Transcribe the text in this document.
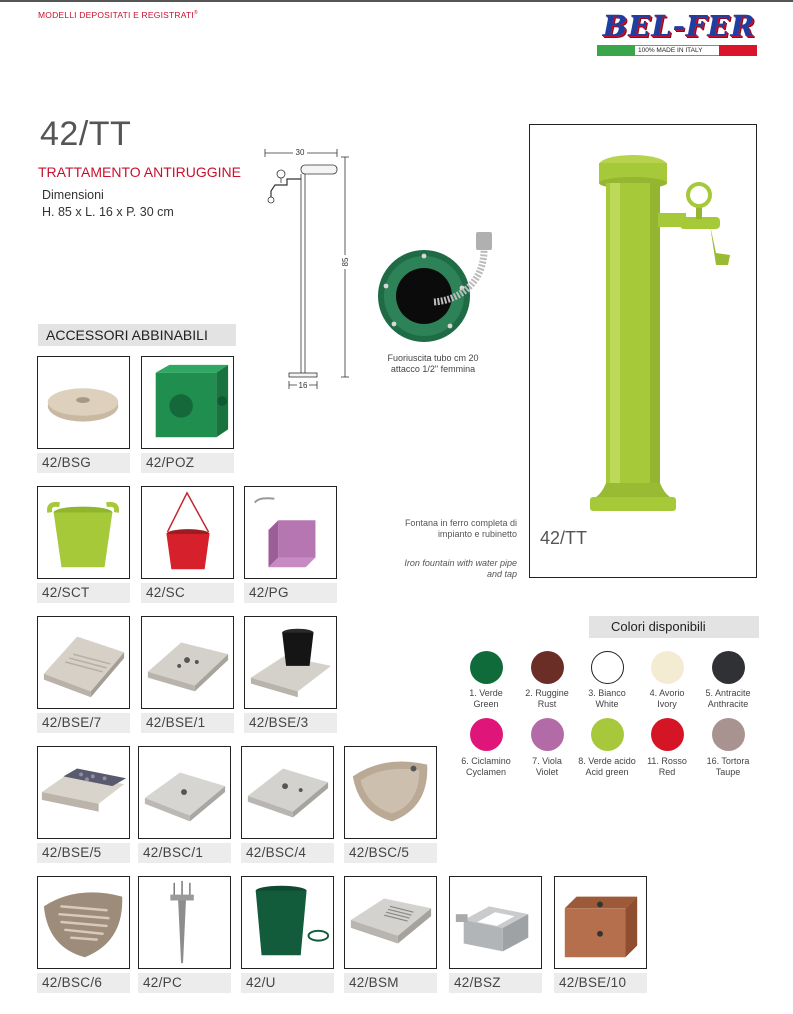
MODELLI DEPOSITATI E REGISTRATI®	BEL-FER
100% MADE IN ITALY
42/TT
TRATTAMENTO ANTIRUGGINE
Dimensioni
H. 85 x L. 16 x P. 30 cm
30
85
16
Fuoriuscita tubo cm 20
attacco 1/2" femmina
42/TT
Fontana in ferro completa di impianto e rubinetto
Iron fountain with water pipe and tap
ACCESSORI ABBINABILI
42/BSG	42/POZ
42/SCT	42/SC	42/PG
42/BSE/7	42/BSE/1	42/BSE/3
42/BSE/5	42/BSC/1	42/BSC/4	42/BSC/5
42/BSC/6	42/PC	42/U	42/BSM	42/BSZ	42/BSE/10
Colori disponibili
1. Verde
Green
2. Ruggine
Rust
3. Bianco
White
4. Avorio
Ivory
5. Antracite
Anthracite
6. Ciclamino
Cyclamen
7. Viola
Violet
8. Verde acido
Acid green
11. Rosso
Red
16. Tortora
Taupe
